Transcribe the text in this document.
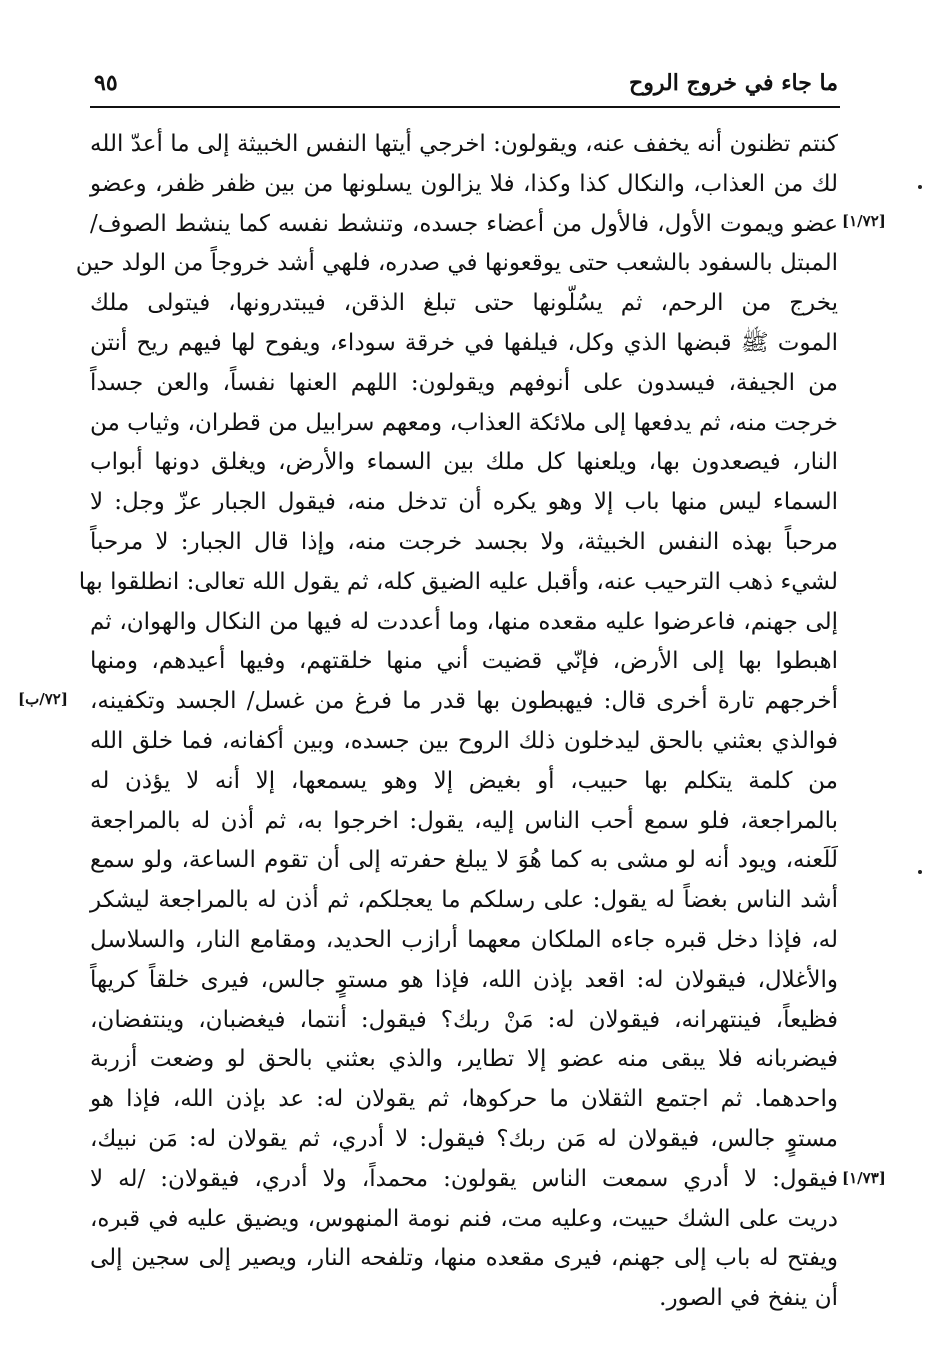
٩٥	ما جاء في خروج الروح
كنتم تظنون أنه يخفف عنه، ويقولون: اخرجي أيتها النفس الخبيثة إلى ما أعدّ الله
لك من العذاب، والنكال كذا وكذا، فلا يزالون يسلونها من بين ظفر ظفر، وعضو
عضو ويموت الأول، فالأول من أعضاء جسده، وتنشط نفسه كما ينشط الصوف/
المبتل بالسفود بالشعب حتى يوقعونها في صدره، فلهي أشد خروجاً من الولد حين
يخرج من الرحم، ثم يسُلّونها حتى تبلغ الذقن، فيبتدرونها، فيتولى ملك
الموت ﷺ قبضها الذي وكل، فيلفها في خرقة سوداء، ويفوح لها فيهم ريح أنتن
من الجيفة، فيسدون على أنوفهم ويقولون: اللهم العنها نفساً، والعن جسداً
خرجت منه، ثم يدفعها إلى ملائكة العذاب، ومعهم سرابيل من قطران، وثياب من
النار، فيصعدون بها، ويلعنها كل ملك بين السماء والأرض، ويغلق دونها أبواب
السماء ليس منها باب إلا وهو يكره أن تدخل منه، فيقول الجبار عزّ وجل: لا
مرحباً بهذه النفس الخبيثة، ولا بجسد خرجت منه، وإذا قال الجبار: لا مرحباً
لشيء ذهب الترحيب عنه، وأقبل عليه الضيق كله، ثم يقول الله تعالى: انطلقوا بها
إلى جهنم، فاعرضوا عليه مقعده منها، وما أعددت له فيها من النكال والهوان، ثم
اهبطوا بها إلى الأرض، فإنّي قضيت أني منها خلقتهم، وفيها أعيدهم، ومنها
أخرجهم تارة أخرى قال: فيهبطون بها قدر ما فرغ من غسل/ الجسد وتكفينه،
فوالذي بعثني بالحق ليدخلون ذلك الروح بين جسده، وبين أكفانه، فما خلق الله
من كلمة يتكلم بها حبيب، أو بغيض إلا وهو يسمعها، إلا أنه لا يؤذن له
بالمراجعة، فلو سمع أحب الناس إليه، يقول: اخرجوا به، ثم أذن له بالمراجعة
لَلَعنه، ويود أنه لو مشى به كما هُوَ لا يبلغ حفرته إلى أن تقوم الساعة، ولو سمع
أشد الناس بغضاً له يقول: على رسلكم ما يعجلكم، ثم أذن له بالمراجعة ليشكر
له، فإذا دخل قبره جاءه الملكان معهما أرازب الحديد، ومقامع النار، والسلاسل
والأغلال، فيقولان له: اقعد بإذن الله، فإذا هو مستوٍ جالس، فيرى خلقاً كريهاً
فظيعاً، فينتهرانه، فيقولان له: مَنْ ربك؟ فيقول: أنتما، فيغضبان، وينتفضان،
فيضربانه فلا يبقى منه عضو إلا تطاير، والذي بعثني بالحق لو وضعت أزربة
واحدهما. ثم اجتمع الثقلان ما حركوها، ثم يقولان له: عد بإذن الله، فإذا هو
مستوٍ جالس، فيقولان له مَن ربك؟ فيقول: لا أدري، ثم يقولان له: مَن نبيك،
فيقول: لا أدري سمعت الناس يقولون: محمداً، ولا أدري، فيقولان: /له لا
دريت على الشك حييت، وعليه مت، فنم نومة المنهوس، ويضيق عليه في قبره،
ويفتح له باب إلى جهنم، فيرى مقعده منها، وتلفحه النار، ويصير إلى سجين إلى
أن ينفخ في الصور.
[١/٧٢]
[٧٢/ب]
[١/٧٣]
